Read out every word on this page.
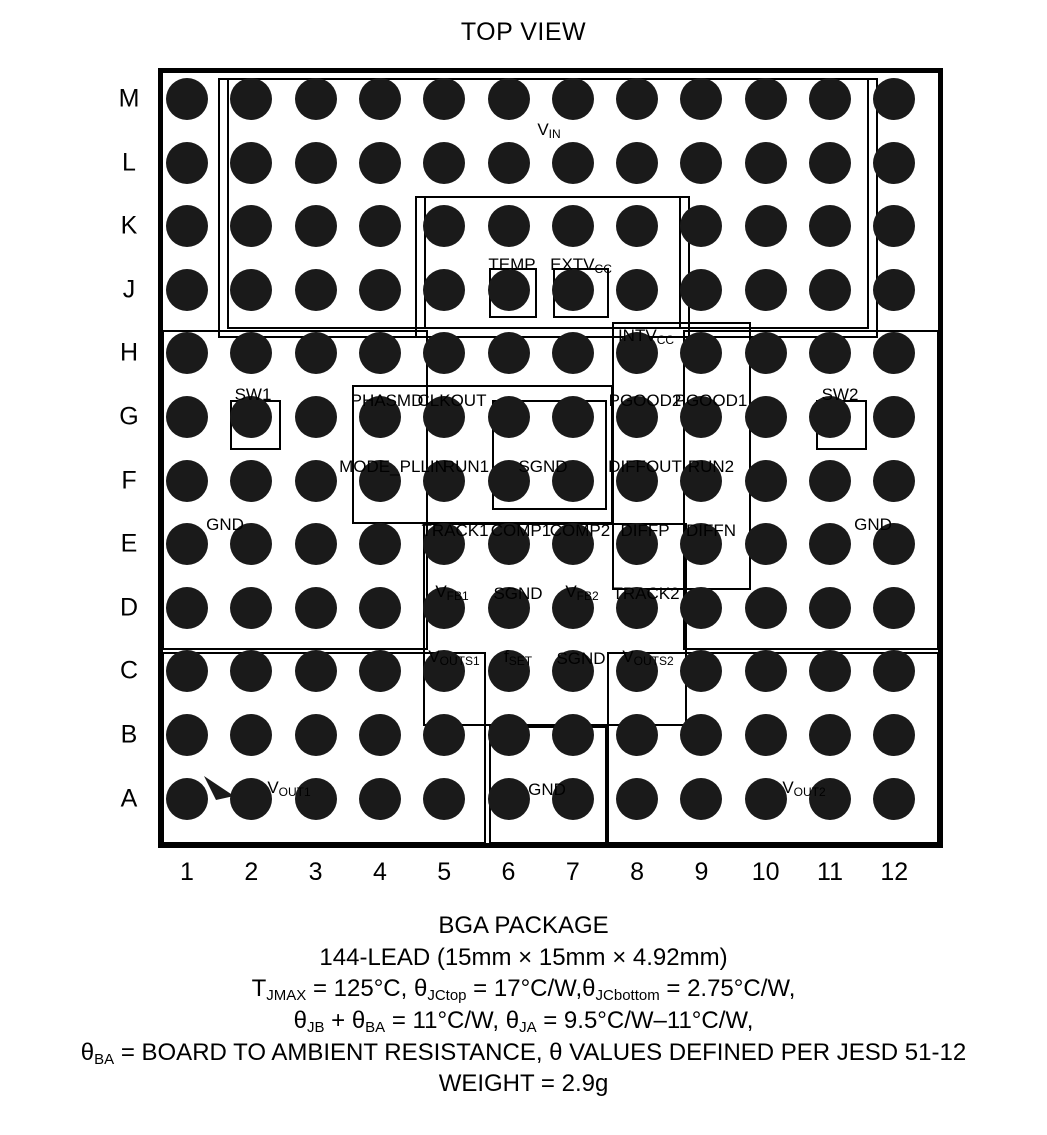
TOP VIEW
BGA PACKAGE
144-LEAD (15mm × 15mm × 4.92mm)
$T_{JMAX} = 125^\circ C$, $\theta_{JCtop} = 17^\circ C/W,\theta_{JCbottom} = 2.75^\circ C/W$,
$\theta_{JB} + \theta_{BA} = 11^\circ C/W$, $\theta_{JA} = 9.5^\circ C/W-11^\circ C/W$,
$\theta_{BA}$ = BOARD TO AMBIENT RESISTANCE, θ VALUES DEFINED PER JESD 51-12
WEIGHT = 2.9g
M
L
K
J
H
G
F
E
D
C
B
A
1	2	3	4	5	6	7	8	9	10 11 12
$V_{IN}$
TEMP $EXTV_{CC}$
$INTV_{CC}$
SW1	PHASMD
CLKOUT	PGOOD2
PGOOD1	SW2
MODE_PLLIN
RUN1 SGND DIFFOUT RUN2
GND	TRACK1 COMP1
COMP2 DIFFP DIFFN	GND
$V_{FB1}$ SGND $V_{FB2}$ TRACK2
$V_{OUTS1}$ $f_{SET}$ SGND $V_{OUTS2}$
$V_{OUT1}$	GND	$V_{OUT2}$
